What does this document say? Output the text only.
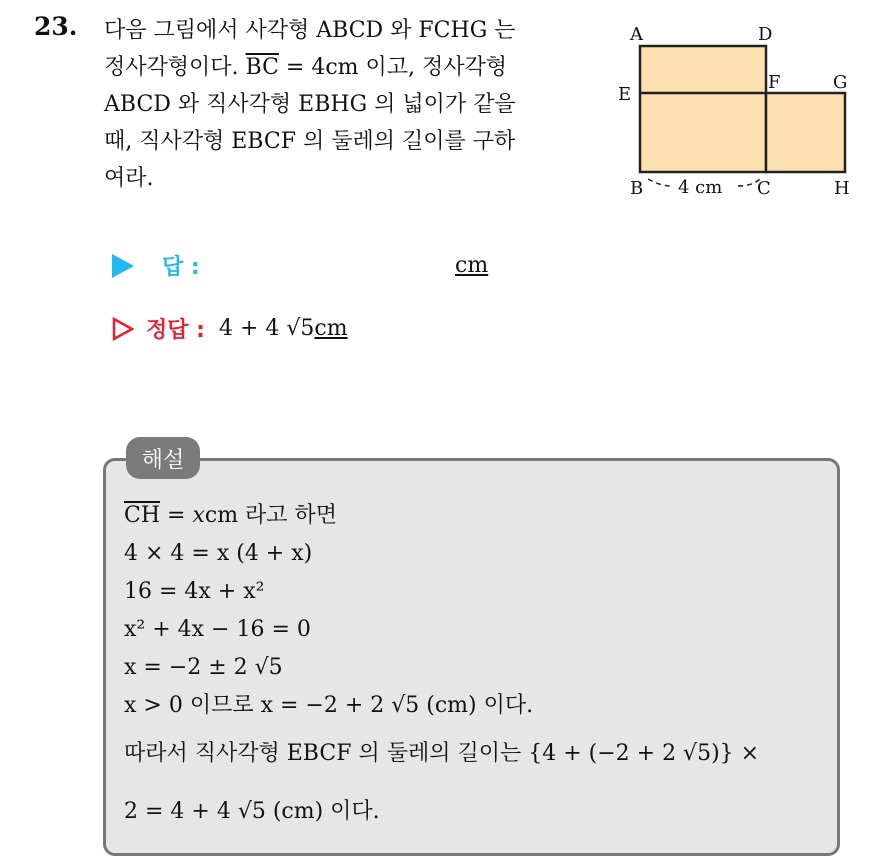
23. 다음 그림에서 사각형 ABCD 와 FCHG 는
정사각형이다. $\overline{BC} = 4cm$ 이고, 정사각형
ABCD 와 직사각형 EBHG 의 넓이가 같을
때, 직사각형 EBCF 의 둘레의 길이를 구하
여라.
A	D
E
F	G
B	C	H
4 cm
답 :	cm
정답 : 4 + 4 √5 cm
해설
$\overline{CH}$ = xcm 라고 하면
4 × 4 = x (4 + x)
16 = 4x + x²
x² + 4x − 16 = 0
x = −2 ± 2 √5
x > 0 이므로 x = −2 + 2 √5 (cm) 이다.
따라서 직사각형 EBCF 의 둘레의 길이는 {4 + (−2 + 2 √5)} ×
2 = 4 + 4 √5 (cm) 이다.
